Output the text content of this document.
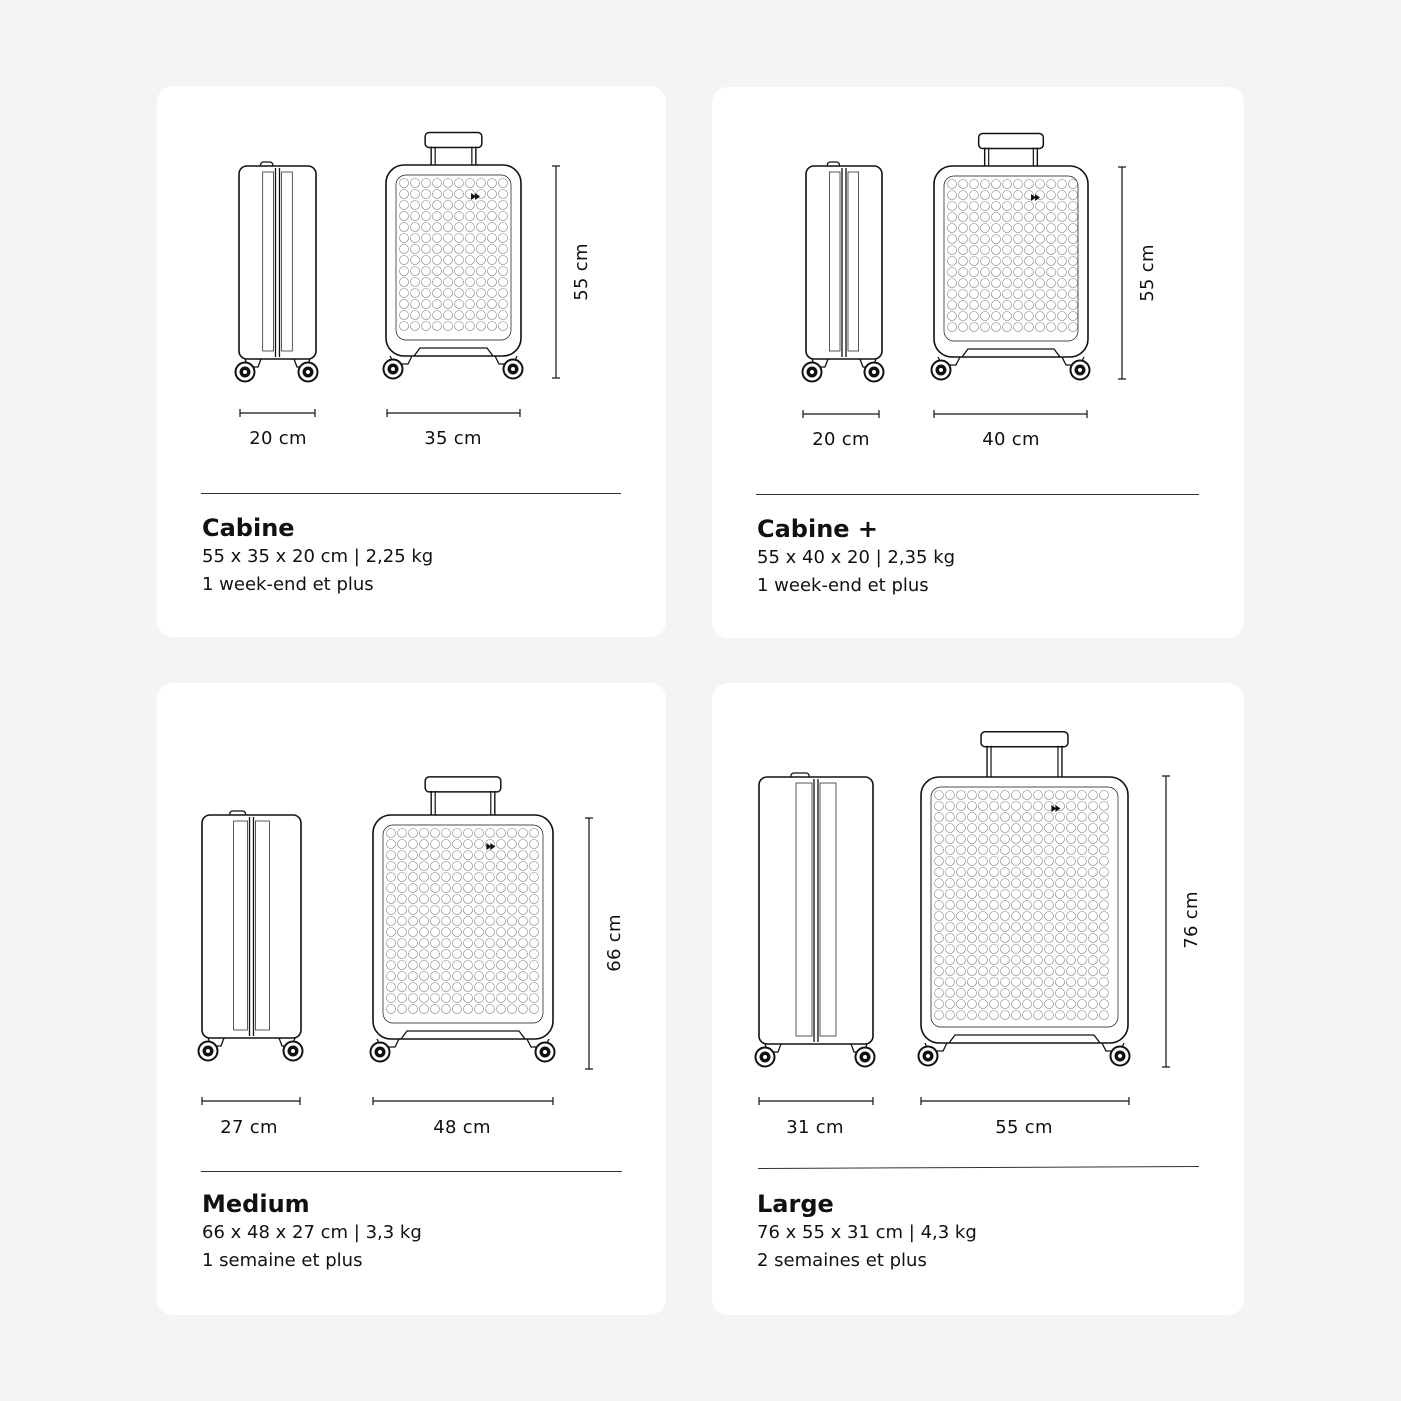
55 cm
20 cm	35 cm

Cabine

55 x 35 x 20 cm | 2,25 kg

1 week-end et plus

55 cm
20 cm	40 cm

Cabine +

55 x 40 x 20 | 2,35 kg

1 week-end et plus

66 cm
27 cm	48 cm

Medium

66 x 48 x 27 cm | 3,3 kg

1 semaine et plus

76 cm
31 cm	55 cm

Large

76 x 55 x 31 cm | 4,3 kg

2 semaines et plus
